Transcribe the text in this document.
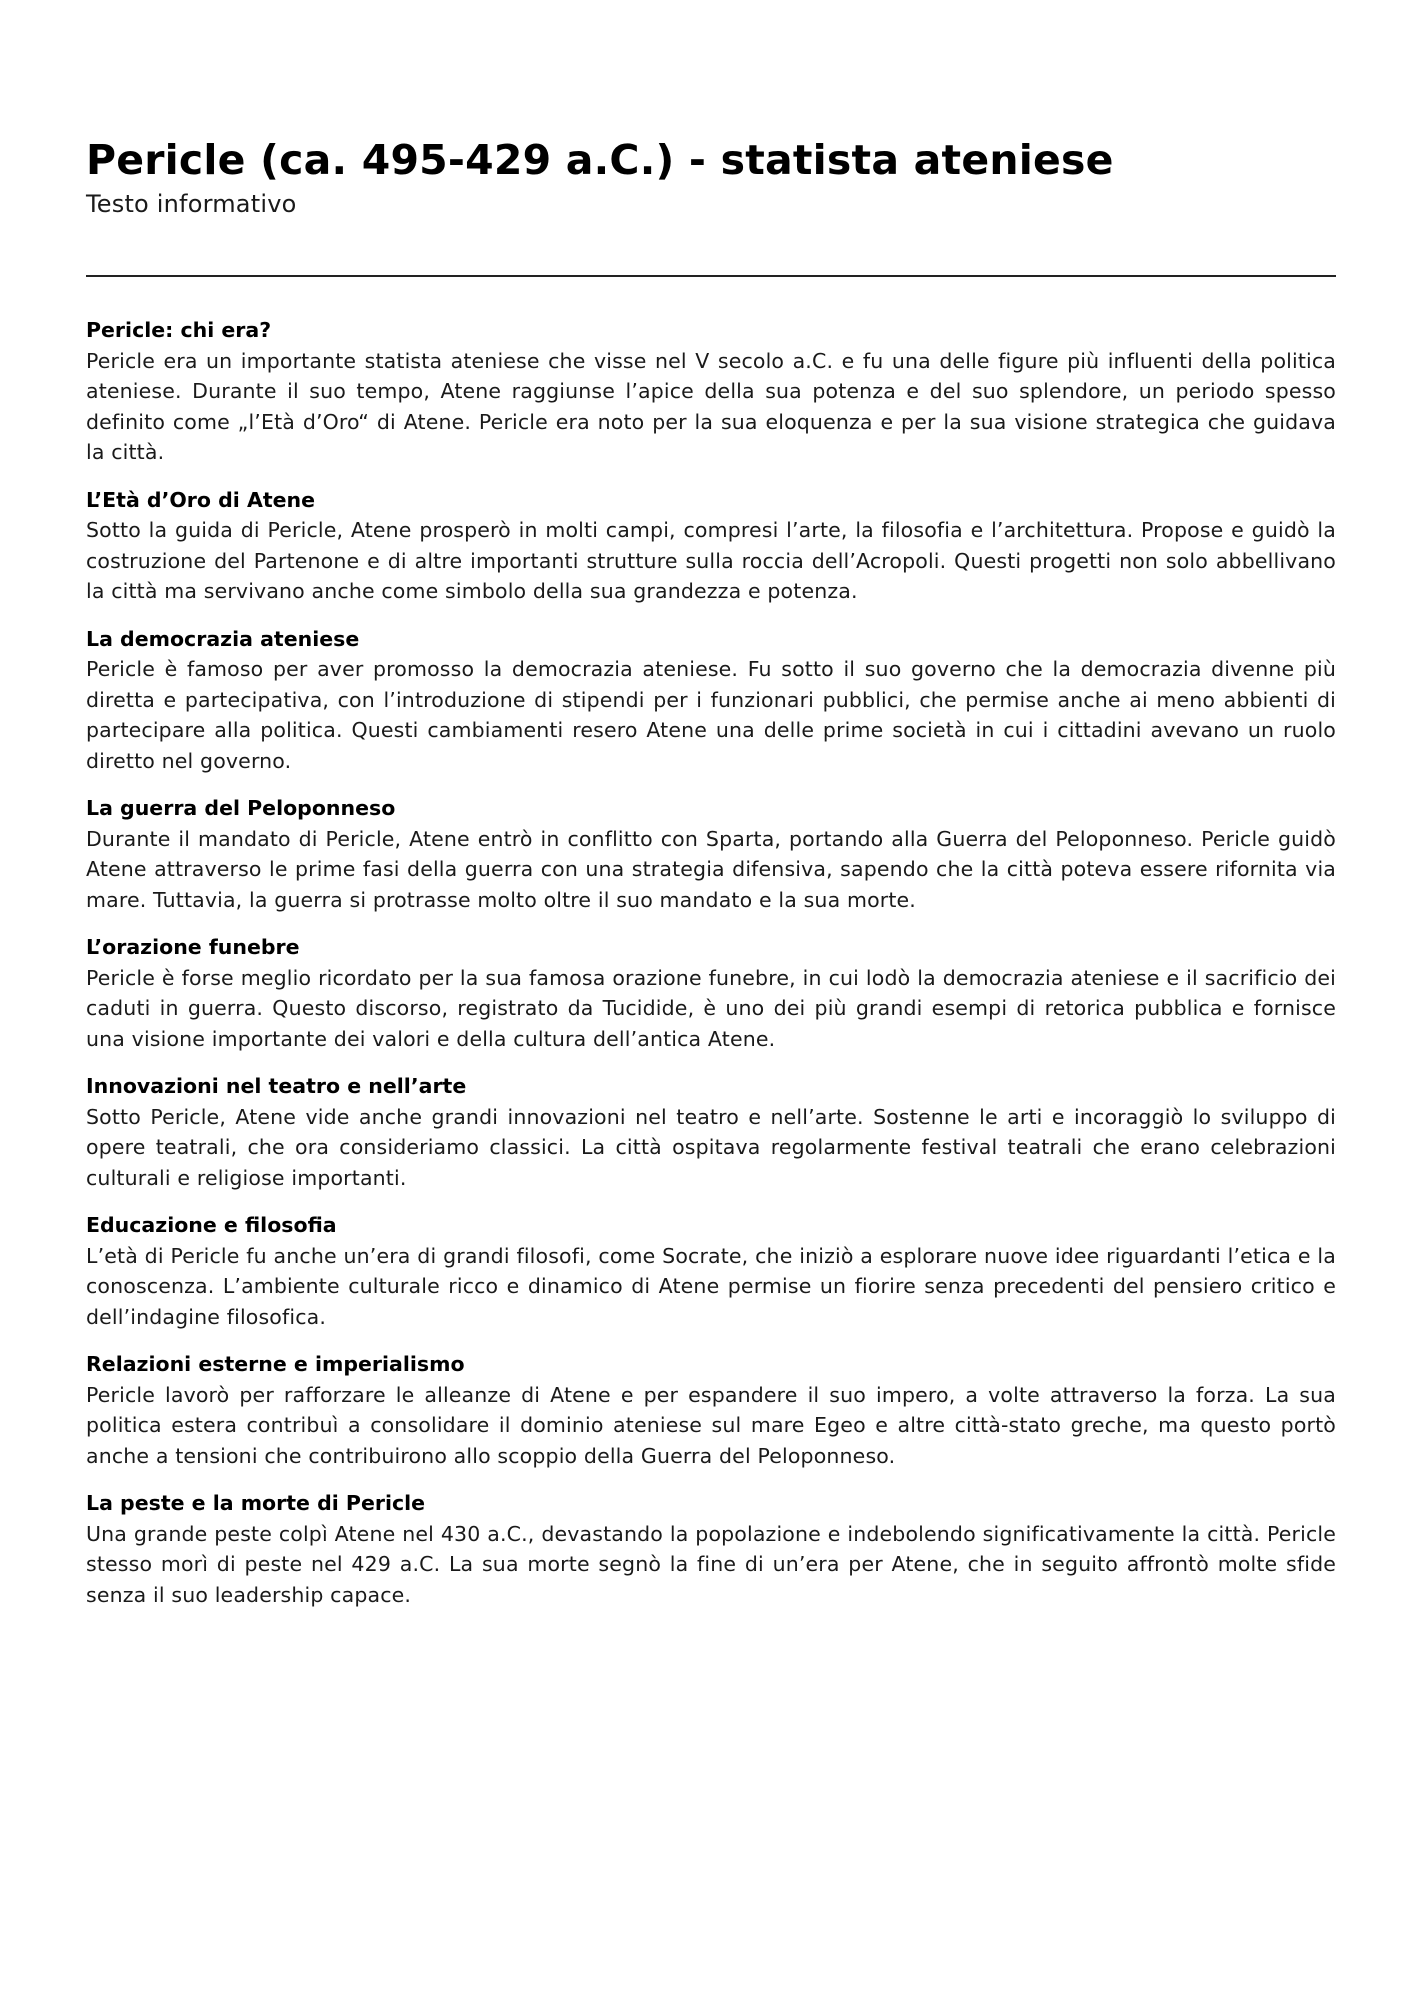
Pericle (ca. 495-429 a.C.) - statista ateniese

Testo informativo

Pericle: chi era?

Pericle era un importante statista ateniese che visse nel V secolo a.C. e fu una delle figure più influenti della politica ateniese. Durante il suo tempo, Atene raggiunse l’apice della sua potenza e del suo splendore, un periodo spesso definito come „l’Età d’Oro“ di Atene. Pericle era noto per la sua eloquenza e per la sua visione strategica che guidava la città.

L’Età d’Oro di Atene

Sotto la guida di Pericle, Atene prosperò in molti campi, compresi l’arte, la filosofia e l’architettura. Propose e guidò la costruzione del Partenone e di altre importanti strutture sulla roccia dell’Acropoli. Questi progetti non solo abbellivano la città ma servivano anche come simbolo della sua grandezza e potenza.

La democrazia ateniese

Pericle è famoso per aver promosso la democrazia ateniese. Fu sotto il suo governo che la democrazia divenne più diretta e partecipativa, con l’introduzione di stipendi per i funzionari pubblici, che permise anche ai meno abbienti di partecipare alla politica. Questi cambiamenti resero Atene una delle prime società in cui i cittadini avevano un ruolo diretto nel governo.

La guerra del Peloponneso

Durante il mandato di Pericle, Atene entrò in conflitto con Sparta, portando alla Guerra del Peloponneso. Pericle guidò Atene attraverso le prime fasi della guerra con una strategia difensiva, sapendo che la città poteva essere rifornita via mare. Tuttavia, la guerra si protrasse molto oltre il suo mandato e la sua morte.

L’orazione funebre

Pericle è forse meglio ricordato per la sua famosa orazione funebre, in cui lodò la democrazia ateniese e il sacrificio dei caduti in guerra. Questo discorso, registrato da Tucidide, è uno dei più grandi esempi di retorica pubblica e fornisce una visione importante dei valori e della cultura dell’antica Atene.

Innovazioni nel teatro e nell’arte

Sotto Pericle, Atene vide anche grandi innovazioni nel teatro e nell’arte. Sostenne le arti e incoraggiò lo sviluppo di opere teatrali, che ora consideriamo classici. La città ospitava regolarmente festival teatrali che erano celebrazioni culturali e religiose importanti.

Educazione e filosofia

L’età di Pericle fu anche un’era di grandi filosofi, come Socrate, che iniziò a esplorare nuove idee riguardanti l’etica e la conoscenza. L’ambiente culturale ricco e dinamico di Atene permise un fiorire senza precedenti del pensiero critico e dell’indagine filosofica.

Relazioni esterne e imperialismo

Pericle lavorò per rafforzare le alleanze di Atene e per espandere il suo impero, a volte attraverso la forza. La sua politica estera contribuì a consolidare il dominio ateniese sul mare Egeo e altre città-stato greche, ma questo portò anche a tensioni che contribuirono allo scoppio della Guerra del Peloponneso.

La peste e la morte di Pericle

Una grande peste colpì Atene nel 430 a.C., devastando la popolazione e indebolendo significativamente la città. Pericle stesso morì di peste nel 429 a.C. La sua morte segnò la fine di un’era per Atene, che in seguito affrontò molte sfide senza il suo leadership capace.
